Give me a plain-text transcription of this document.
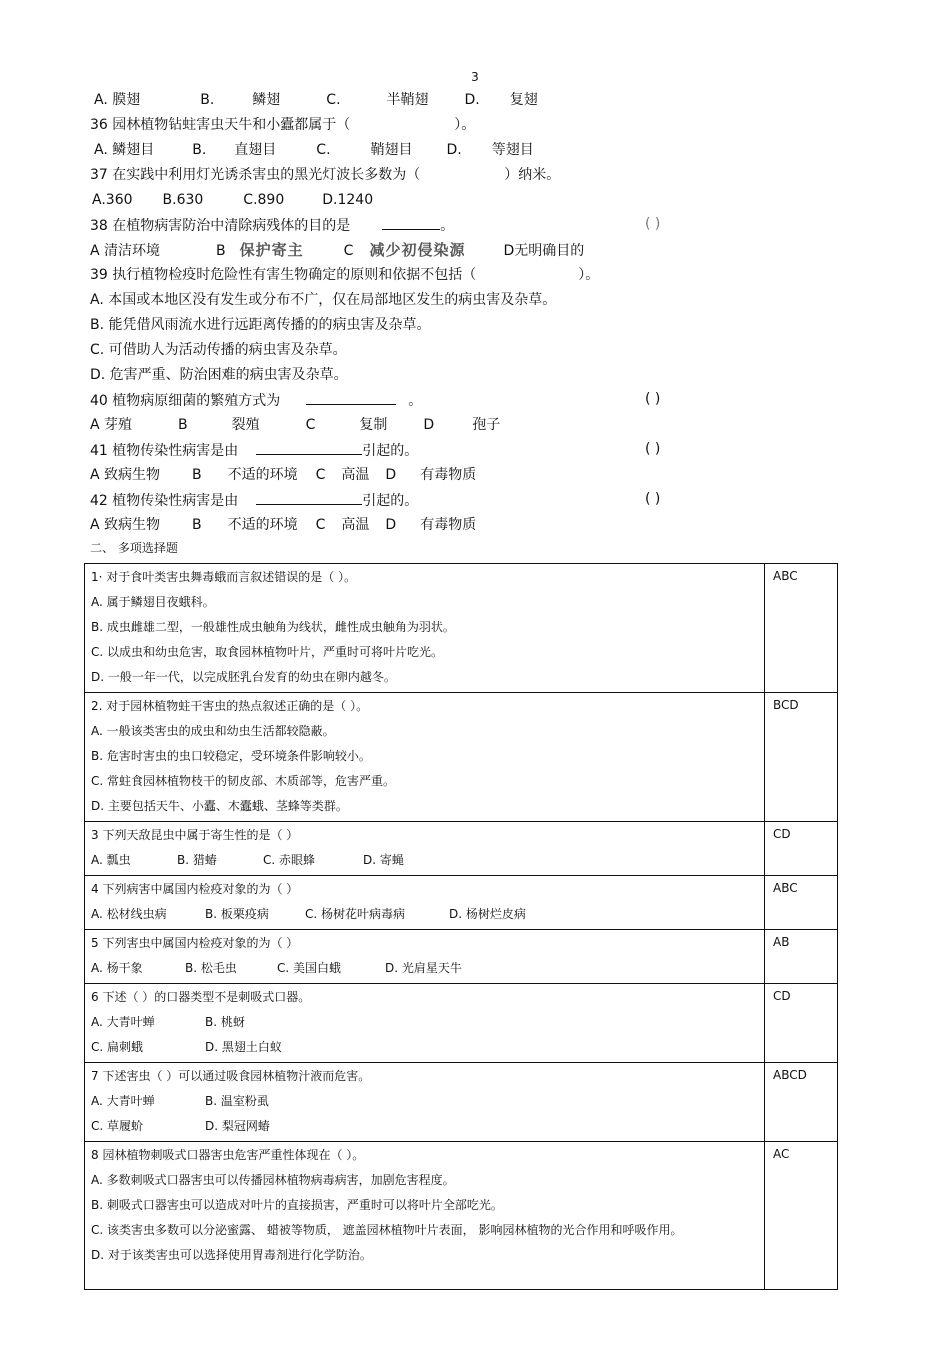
3
A. 膜翅	B.	鳞翅	C.	半鞘翅	D. 复翅
36 园林植物钻蛀害虫天牛和小蠹都属于（	）。
A. 鳞翅目	B. 直翅目	C.	鞘翅目 D. 等翅目
37 在实践中利用灯光诱杀害虫的黑光灯波长多数为（	）纳米。
A.360 B.630	C.890	D.1240
38 在植物病害防治中清除病残体的目的是	。	( )
A 清洁环境	B 保护寄主	C 减少初侵染源	D无明确目的
39 执行植物检疫时危险性有害生物确定的原则和依据不包括（	）。
A. 本国或本地区没有发生或分布不广，仅在局部地区发生的病虫害及杂草。
B. 能凭借风雨流水进行远距离传播的的病虫害及杂草。
C. 可借助人为活动传播的病虫害及杂草。
D. 危害严重、防治困难的病虫害及杂草。
40 植物病原细菌的繁殖方式为	。	( )
A 芽殖	B	裂殖	C	复制	D	孢子
41 植物传染性病害是由	引起的。	( )
A 致病生物 B 不适的环境 C 高温 D 有毒物质
42 植物传染性病害是由	引起的。	( )
A 致病生物 B 不适的环境 C 高温 D 有毒物质
二、 多项选择题
1· 对于食叶类害虫舞毒蛾而言叙述错误的是（ ）。
A. 属于鳞翅目夜蛾科。
B. 成虫雌雄二型，一般雄性成虫触角为线状，雌性成虫触角为羽状。
C. 以成虫和幼虫危害，取食园林植物叶片，严重时可将叶片吃光。
D. 一般一年一代，以完成胚乳台发育的幼虫在卵内越冬。	ABC

2. 对于园林植物蛀干害虫的热点叙述正确的是（ ）。
A. 一般该类害虫的成虫和幼虫生活都较隐蔽。
B. 危害时害虫的虫口较稳定，受环境条件影响较小。
C. 常蛀食园林植物枝干的韧皮部、木质部等，危害严重。
D. 主要包括天牛、小蠹、木蠹蛾、茎蜂等类群。	BCD

3 下列天敌昆虫中属于寄生性的是（ ）
A. 瓢虫 B. 猎蝽 C. 赤眼蜂 D. 寄蝇	CD

4 下列病害中属国内检疫对象的为（ ）
A. 松材线虫病 B. 板栗疫病 C. 杨树花叶病毒病 D. 杨树烂皮病	ABC

5 下列害虫中属国内检疫对象的为（ ）
A. 杨干象 B. 松毛虫 C. 美国白蛾 D. 光肩星天牛	AB

6 下述（ ）的口器类型不是刺吸式口器。
A. 大青叶蝉 B. 桃蚜
C. 扁刺蛾 D. 黑翅土白蚁	CD

7 下述害虫（ ）可以通过吸食园林植物汁液而危害。
A. 大青叶蝉 B. 温室粉虱
C. 草履蚧 D. 梨冠网蝽	ABCD

8 园林植物刺吸式口器害虫危害严重性体现在（ ）。
A. 多数刺吸式口器害虫可以传播园林植物病毒病害，加剧危害程度。
B. 刺吸式口器害虫可以造成对叶片的直接损害，严重时可以将叶片全部吃光。
C. 该类害虫多数可以分泌蜜露、 蜡被等物质， 遮盖园林植物叶片表面， 影响园林植物的光合作用和呼吸作用。
D. 对于该类害虫可以选择使用胃毒剂进行化学防治。	AC
